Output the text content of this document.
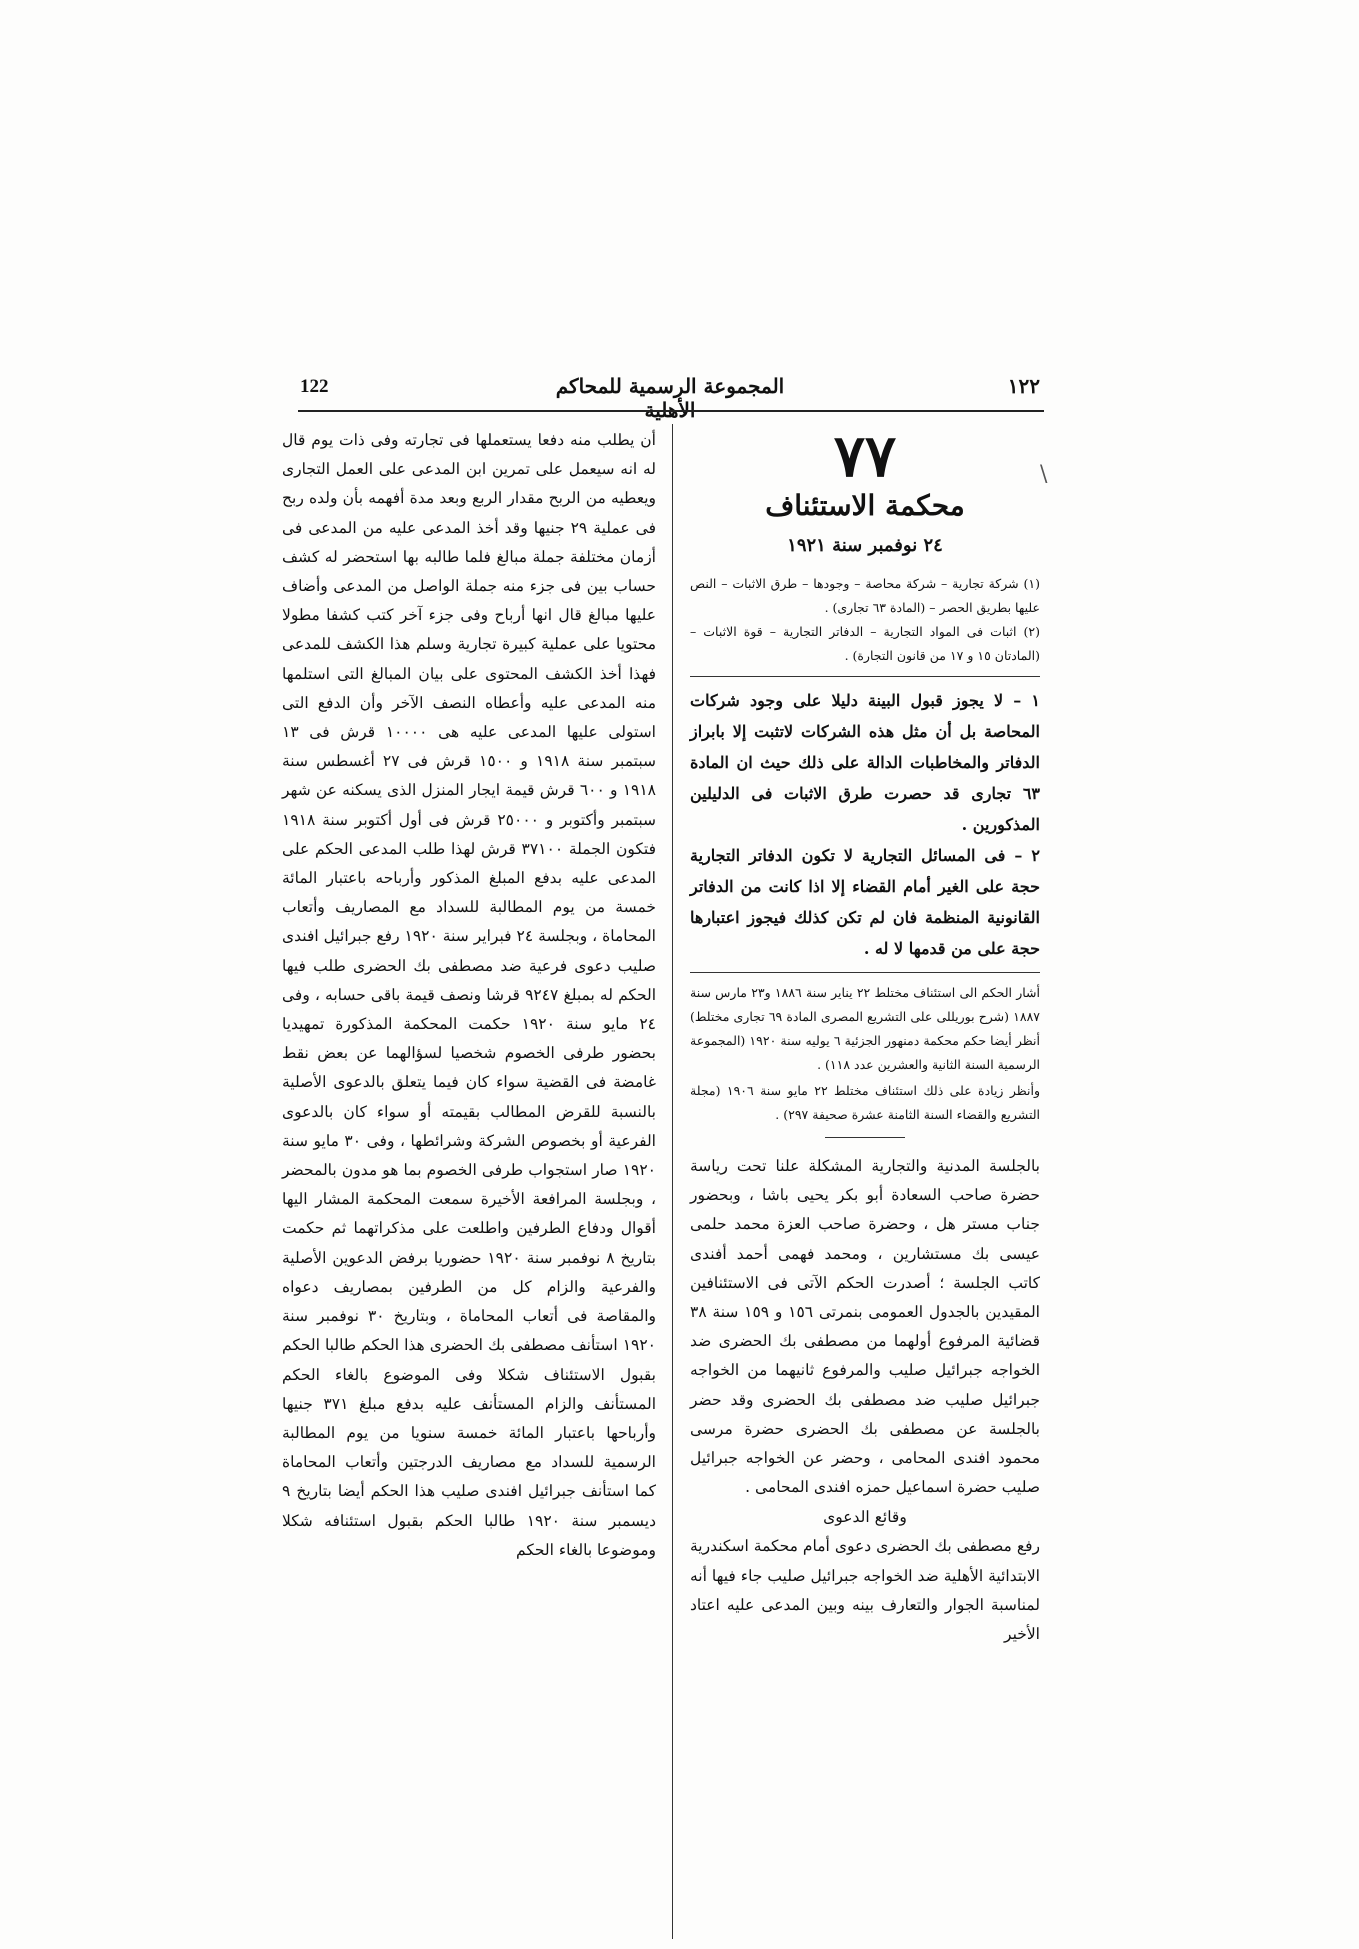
122	المجموعة الرسمية للمحاكم الأهلية
١٢٢
٧٧
محكمة الاستئناف
٢٤ نوفمبر سنة ١٩٢١

(١) شركة تجارية – شركة محاصة – وجودها – طرق الاثبات – النص عليها بطريق الحصر – (المادة ٦٣ تجارى) .

(٢) اثبات فى المواد التجارية – الدفاتر التجارية – قوة الاثبات – (المادتان ١٥ و ١٧ من قانون التجارة) .

١ – لا يجوز قبول البينة دليلا على وجود شركات المحاصة بل أن مثل هذه الشركات لاتثبت إلا بابراز الدفاتر والمخاطبات الدالة على ذلك حيث ان المادة ٦٣ تجارى قد حصرت طرق الاثبات فى الدليلين المذكورين .

٢ – فى المسائل التجارية لا تكون الدفاتر التجارية حجة على الغير أمام القضاء إلا اذا كانت من الدفاتر القانونية المنظمة فان لم تكن كذلك فيجوز اعتبارها حجة على من قدمها لا له .

أشار الحكم الى استئناف مختلط ٢٢ يناير سنة ١٨٨٦ و٢٣ مارس سنة ١٨٨٧ (شرح بوريللى على التشريع المصرى المادة ٦٩ تجارى مختلط) أنظر أيضا حكم محكمة دمنهور الجزئية ٦ يوليه سنة ١٩٢٠ (المجموعة الرسمية السنة الثانية والعشرين عدد ١١٨) .

وأنظر زيادة على ذلك استئناف مختلط ٢٢ مايو سنة ١٩٠٦ (مجلة التشريع والقضاء السنة الثامنة عشرة صحيفة ٢٩٧) .

بالجلسة المدنية والتجارية المشكلة علنا تحت رياسة حضرة صاحب السعادة أبو بكر يحيى باشا ، وبحضور جناب مستر هل ، وحضرة صاحب العزة محمد حلمى عيسى بك مستشارين ، ومحمد فهمى أحمد أفندى كاتب الجلسة ؛ أصدرت الحكم الآتى فى الاستئنافين المقيدين بالجدول العمومى بنمرتى ١٥٦ و ١٥٩ سنة ٣٨ قضائية المرفوع أولهما من مصطفى بك الحضرى ضد الخواجه جبرائيل صليب والمرفوع ثانيهما من الخواجه جبرائيل صليب ضد مصطفى بك الحضرى وقد حضر بالجلسة عن مصطفى بك الحضرى حضرة مرسى محمود افندى المحامى ، وحضر عن الخواجه جبرائيل صليب حضرة اسماعيل حمزه افندى المحامى .

وقائع الدعوى

رفع مصطفى بك الحضرى دعوى أمام محكمة اسكندرية الابتدائية الأهلية ضد الخواجه جبرائيل صليب جاء فيها أنه لمناسبة الجوار والتعارف بينه وبين المدعى عليه اعتاد الأخير

أن يطلب منه دفعا يستعملها فى تجارته وفى ذات يوم قال له انه سيعمل على تمرين ابن المدعى على العمل التجارى ويعطيه من الربح مقدار الربع وبعد مدة أفهمه بأن ولده ربح فى عملية ٢٩ جنيها وقد أخذ المدعى عليه من المدعى فى أزمان مختلفة جملة مبالغ فلما طالبه بها استحضر له كشف حساب بين فى جزء منه جملة الواصل من المدعى وأضاف عليها مبالغ قال انها أرباح وفى جزء آخر كتب كشفا مطولا محتويا على عملية كبيرة تجارية وسلم هذا الكشف للمدعى فهذا أخذ الكشف المحتوى على بيان المبالغ التى استلمها منه المدعى عليه وأعطاه النصف الآخر وأن الدفع التى استولى عليها المدعى عليه هى ١٠٠٠٠ قرش فى ١٣ سبتمبر سنة ١٩١٨ و ١٥٠٠ قرش فى ٢٧ أغسطس سنة ١٩١٨ و ٦٠٠ قرش قيمة ايجار المنزل الذى يسكنه عن شهر سبتمبر وأكتوبر و ٢٥٠٠٠ قرش فى أول أكتوبر سنة ١٩١٨ فتكون الجملة ٣٧١٠٠ قرش لهذا طلب المدعى الحكم على المدعى عليه بدفع المبلغ المذكور وأرباحه باعتبار المائة خمسة من يوم المطالبة للسداد مع المصاريف وأتعاب المحاماة ، وبجلسة ٢٤ فبراير سنة ١٩٢٠ رفع جبرائيل افندى صليب دعوى فرعية ضد مصطفى بك الحضرى طلب فيها الحكم له بمبلغ ٩٢٤٧ قرشا ونصف قيمة باقى حسابه ، وفى ٢٤ مايو سنة ١٩٢٠ حكمت المحكمة المذكورة تمهيديا بحضور طرفى الخصوم شخصيا لسؤالهما عن بعض نقط غامضة فى القضية سواء كان فيما يتعلق بالدعوى الأصلية بالنسبة للقرض المطالب بقيمته أو سواء كان بالدعوى الفرعية أو بخصوص الشركة وشرائطها ، وفى ٣٠ مايو سنة ١٩٢٠ صار استجواب طرفى الخصوم بما هو مدون بالمحضر ، وبجلسة المرافعة الأخيرة سمعت المحكمة المشار اليها أقوال ودفاع الطرفين واطلعت على مذكراتهما ثم حكمت بتاريخ ٨ نوفمبر سنة ١٩٢٠ حضوريا برفض الدعوين الأصلية والفرعية والزام كل من الطرفين بمصاريف دعواه والمقاصة فى أتعاب المحاماة ، وبتاريخ ٣٠ نوفمبر سنة ١٩٢٠ استأنف مصطفى بك الحضرى هذا الحكم طالبا الحكم بقبول الاستئناف شكلا وفى الموضوع بالغاء الحكم المستأنف والزام المستأنف عليه بدفع مبلغ ٣٧١ جنيها وأرباحها باعتبار المائة خمسة سنويا من يوم المطالبة الرسمية للسداد مع مصاريف الدرجتين وأتعاب المحاماة كما استأنف جبرائيل افندى صليب هذا الحكم أيضا بتاريخ ٩ ديسمبر سنة ١٩٢٠ طالبا الحكم بقبول استئنافه شكلا وموضوعا بالغاء الحكم

\
